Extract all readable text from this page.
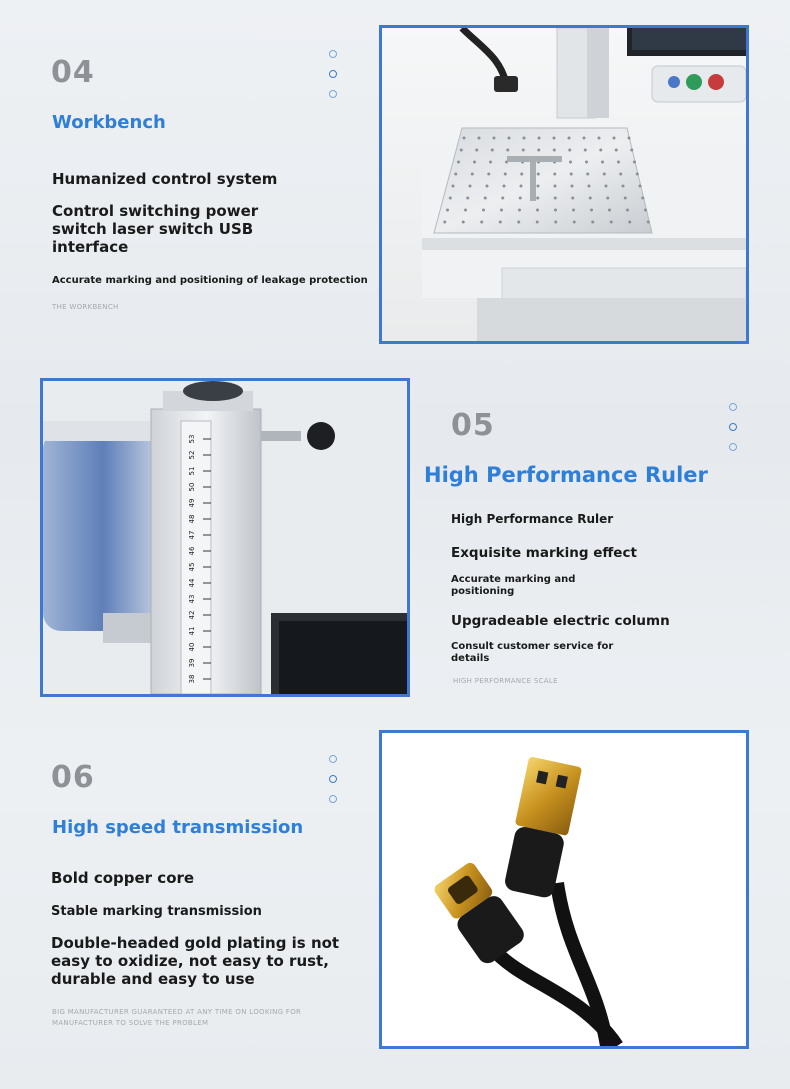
04
Workbench
Humanized control system
Control switching power switch laser switch USB interface
Accurate marking and positioning of leakage protection
THE WORKBENCH
53
52
51
50
49
48
47
46
45
44
43
42
41
40
39
38
05
High Performance Ruler
High Performance Ruler
Exquisite marking effect
Accurate marking and positioning
Upgradeable electric column
Consult customer service for details
HIGH PERFORMANCE SCALE
06
High speed transmission
Bold copper core
Stable marking transmission
Double-headed gold plating is not easy to oxidize, not easy to rust, durable and easy to use
BIG MANUFACTURER GUARANTEED AT ANY TIME ON LOOKING FOR MANUFACTURER TO SOLVE THE PROBLEM
